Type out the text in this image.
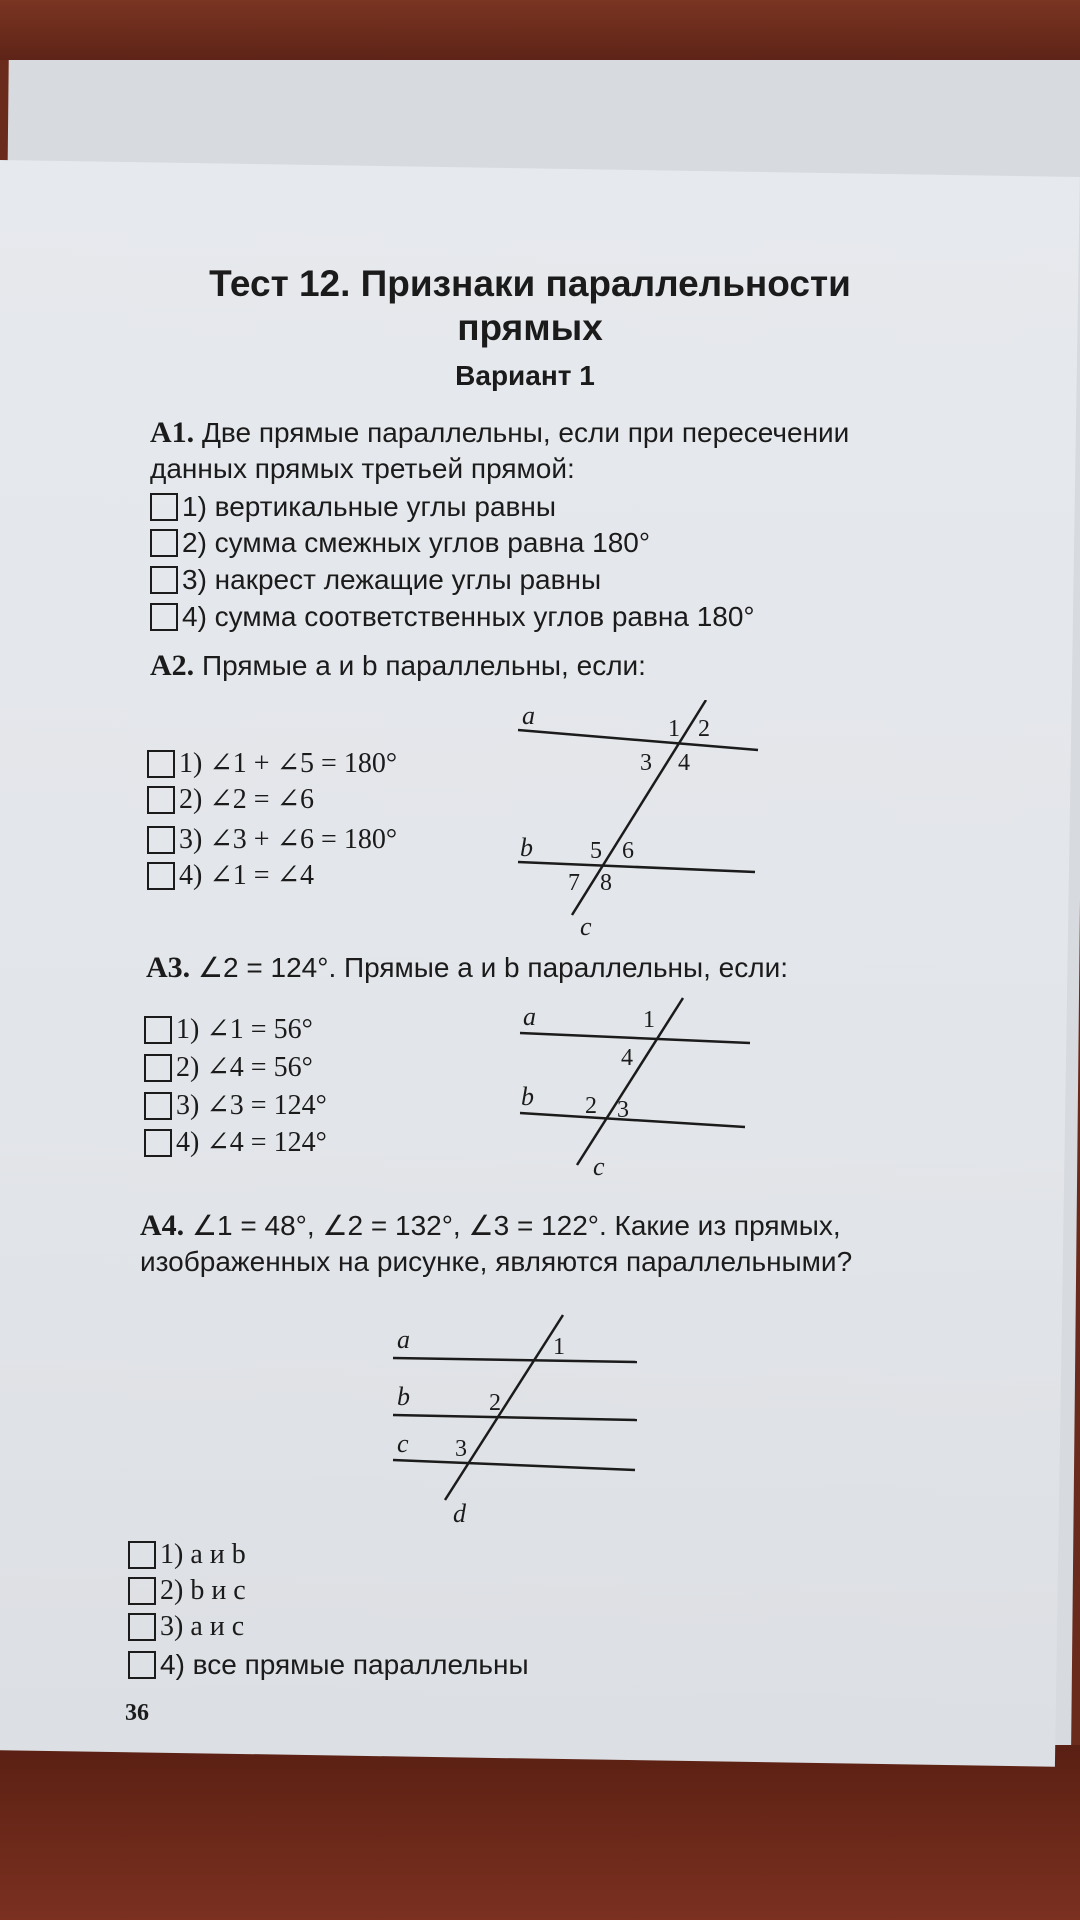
Тест 12. Признаки параллельности прямых
Вариант 1

А1. Две прямые параллельны, если при пересечении данных прямых третьей прямой:

1) вертикальные углы равны
2) сумма смежных углов равна 180°
3) накрест лежащие углы равны
4) сумма соответственных углов равна 180°

А2. Прямые a и b параллельны, если:

1) ∠1 + ∠5 = 180°
2) ∠2 = ∠6
3) ∠3 + ∠6 = 180°
4) ∠1 = ∠4
a
b
c
1 2
3 4
5 6
7 8

А3. ∠2 = 124°. Прямые a и b параллельны, если:

1) ∠1 = 56°
2) ∠4 = 56°
3) ∠3 = 124°
4) ∠4 = 124°
a
b
c
1
4
2 3

А4. ∠1 = 48°, ∠2 = 132°, ∠3 = 122°. Какие из прямых, изображенных на рисунке, являются параллельными?

a
b
c
d
1
2
3
1) a и b
2) b и c
3) a и c
4) все прямые параллельны
36
